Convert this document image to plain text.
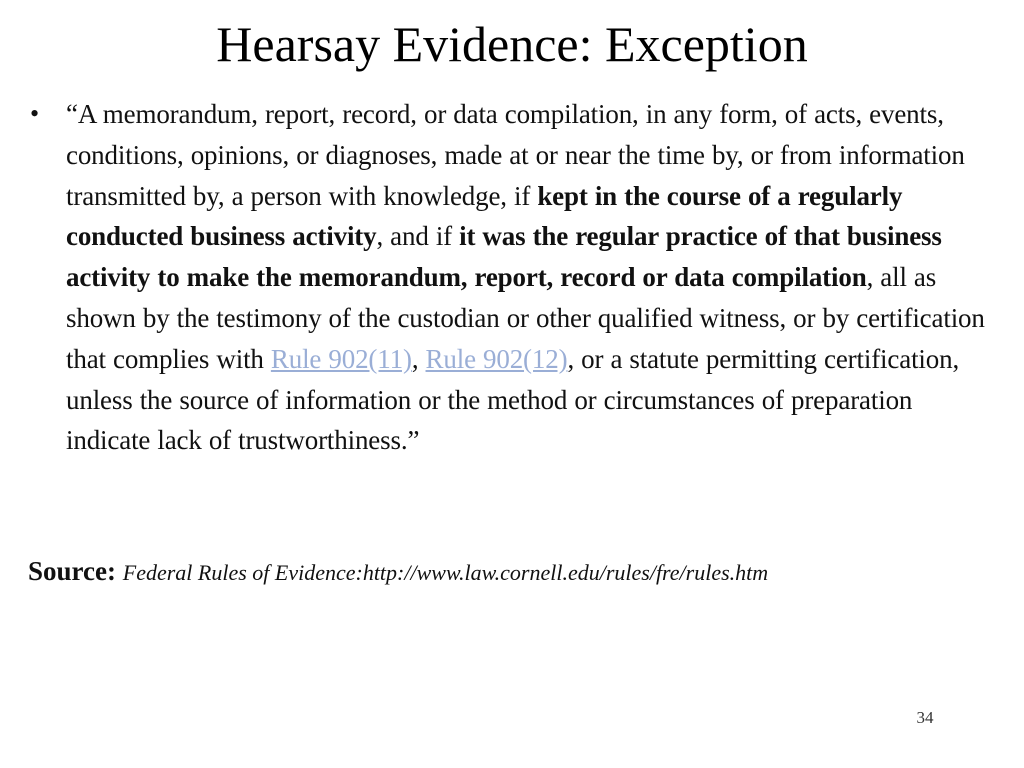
Hearsay Evidence: Exception
• “A memorandum, report, record, or data compilation, in any form, of acts, events, conditions, opinions, or diagnoses, made at or near the time by, or from information transmitted by, a person with knowledge, if kept in the course of a regularly conducted business activity, and if it was the regular practice of that business activity to make the memorandum, report, record or data compilation, all as shown by the testimony of the custodian or other qualified witness, or by certification that complies with Rule 902(11), Rule 902(12), or a statute permitting certification, unless the source of information or the method or circumstances of preparation indicate lack of trustworthiness.”
Source: Federal Rules of Evidence:http://www.law.cornell.edu/rules/fre/rules.htm
34
